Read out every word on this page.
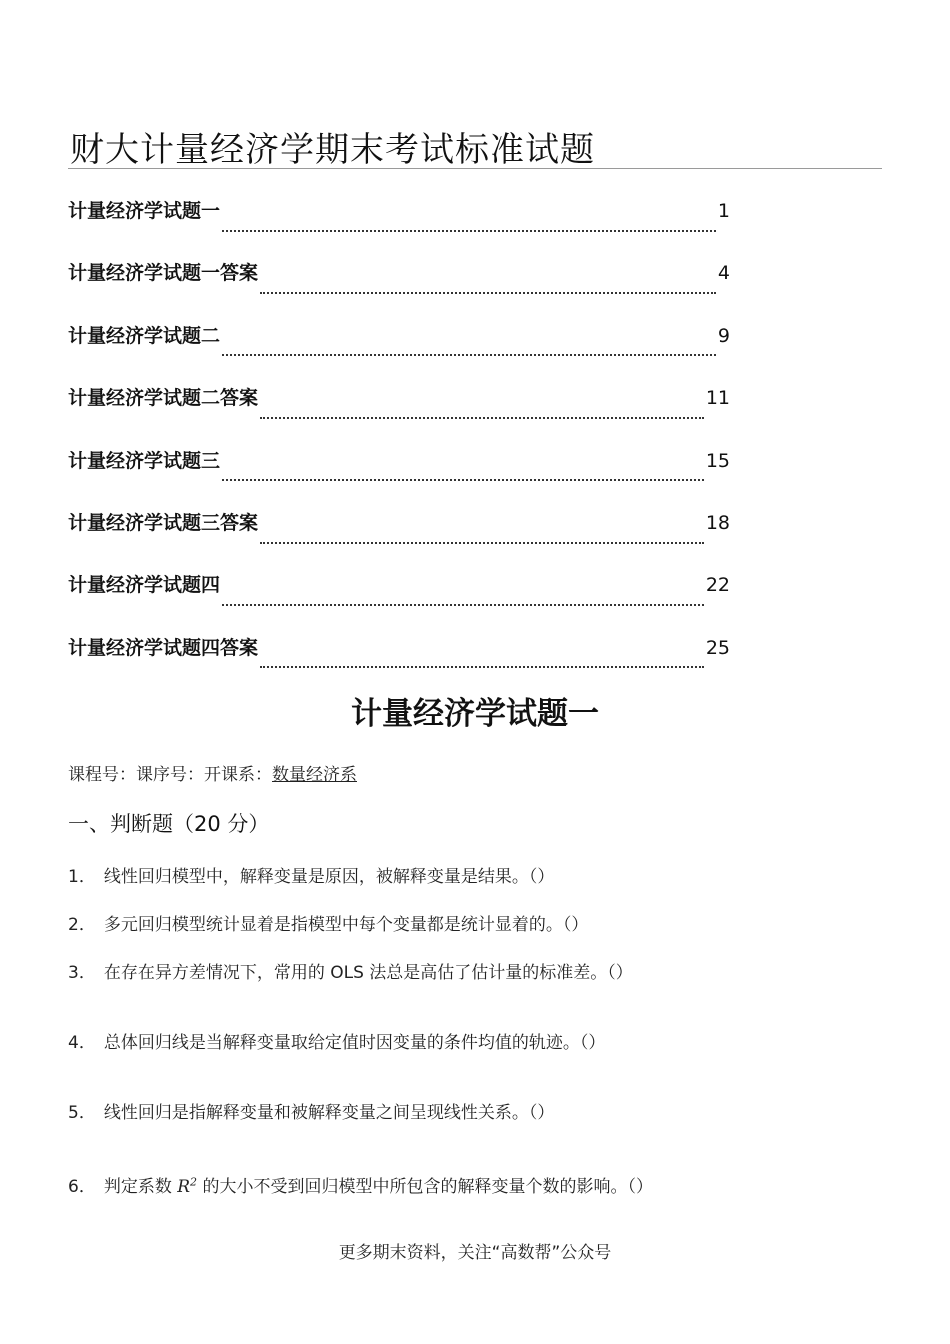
财大计量经济学期末考试标准试题
计量经济学试题一	1
计量经济学试题一答案	4
计量经济学试题二	9
计量经济学试题二答案	11
计量经济学试题三	15
计量经济学试题三答案	18
计量经济学试题四	22
计量经济学试题四答案	25
计量经济学试题一
课程号：课序号：开课系：数量经济系
一、判断题（20 分）
1． 线性回归模型中，解释变量是原因，被解释变量是结果。（）
2． 多元回归模型统计显着是指模型中每个变量都是统计显着的。（）
3． 在存在异方差情况下，常用的 OLS 法总是高估了估计量的标准差。（）
4． 总体回归线是当解释变量取给定值时因变量的条件均值的轨迹。（）
5． 线性回归是指解释变量和被解释变量之间呈现线性关系。（）
6． 判定系数 $R^2$ 的大小不受到回归模型中所包含的解释变量个数的影响。（）
更多期末资料，关注“高数帮”公众号
